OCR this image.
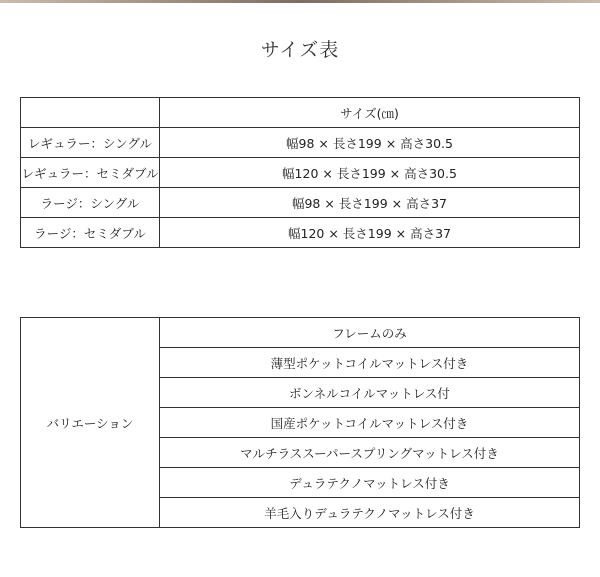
サイズ表
	サイズ(㎝)
レギュラー：シングル	幅98 × 長さ199 × 高さ30.5
レギュラー：セミダブル	幅120 × 長さ199 × 高さ30.5
ラージ：シングル	幅98 × 長さ199 × 高さ37
ラージ：セミダブル	幅120 × 長さ199 × 高さ37
バリエーション	フレームのみ
薄型ポケットコイルマットレス付き
ボンネルコイルマットレス付
国産ポケットコイルマットレス付き
マルチラススーパースプリングマットレス付き
デュラテクノマットレス付き
羊毛入りデュラテクノマットレス付き
